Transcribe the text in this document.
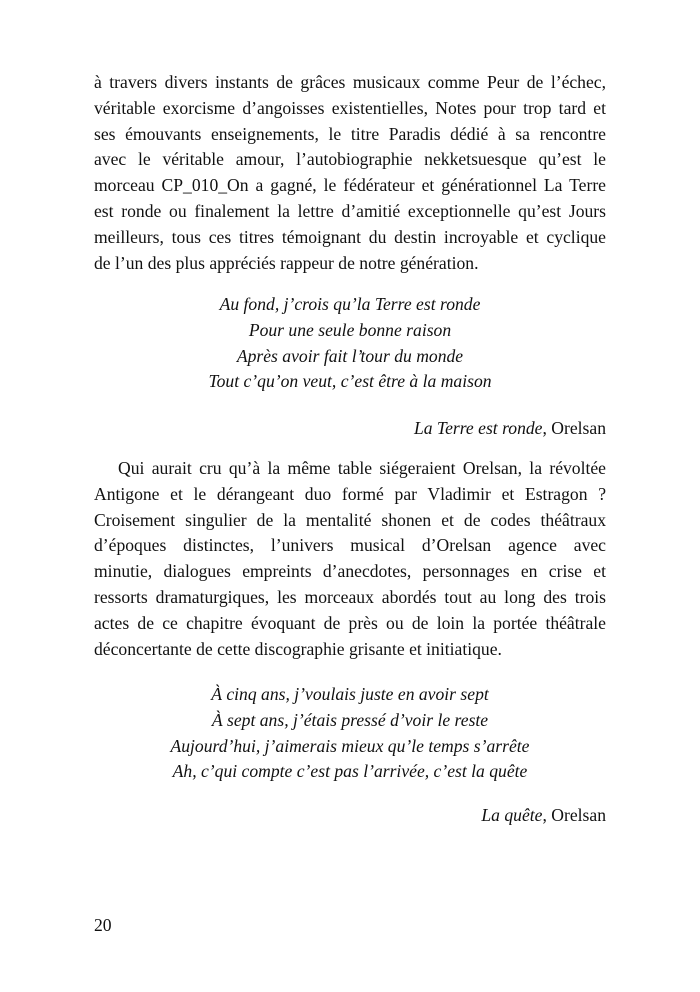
à travers divers instants de grâces musicaux comme Peur de l’échec,
véritable exorcisme d’angoisses existentielles, Notes pour trop tard et
ses émouvants enseignements, le titre Paradis dédié à sa rencontre
avec le véritable amour, l’autobiographie nekketsuesque qu’est le
morceau CP_010_On a gagné, le fédérateur et générationnel La Terre
est ronde ou finalement la lettre d’amitié exceptionnelle qu’est Jours
meilleurs, tous ces titres témoignant du destin incroyable et cyclique
de l’un des plus appréciés rappeur de notre génération.
Au fond, j’crois qu’la Terre est ronde
Pour une seule bonne raison
Après avoir fait l’tour du monde
Tout c’qu’on veut, c’est être à la maison

La Terre est ronde, Orelsan

Qui aurait cru qu’à la même table siégeraient Orelsan, la révoltée
Antigone et le dérangeant duo formé par Vladimir et Estragon ?
Croisement singulier de la mentalité shonen et de codes théâtraux
d’époques distinctes, l’univers musical d’Orelsan agence avec
minutie, dialogues empreints d’anecdotes, personnages en crise et
ressorts dramaturgiques, les morceaux abordés tout au long des trois
actes de ce chapitre évoquant de près ou de loin la portée théâtrale
déconcertante de cette discographie grisante et initiatique.
À cinq ans, j’voulais juste en avoir sept
À sept ans, j’étais pressé d’voir le reste
Aujourd’hui, j’aimerais mieux qu’le temps s’arrête
Ah, c’qui compte c’est pas l’arrivée, c’est la quête

La quête, Orelsan

20
